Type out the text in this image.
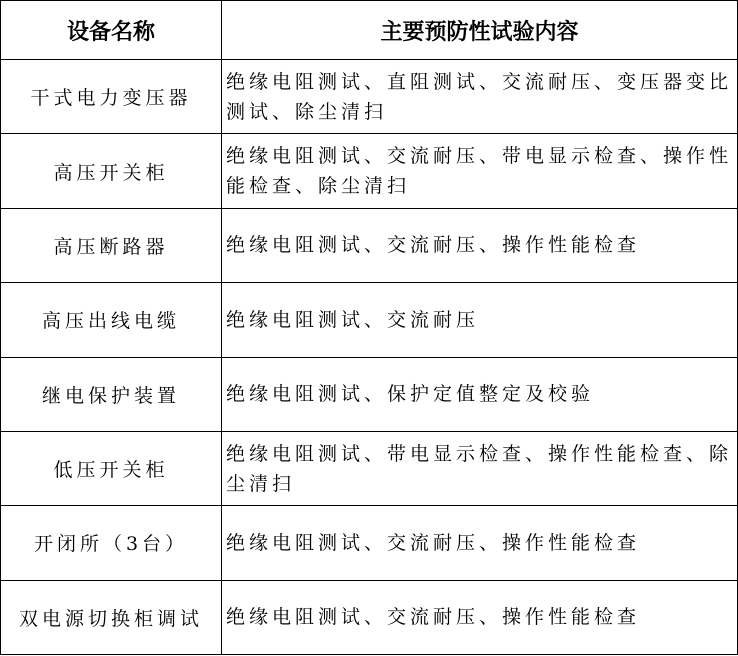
设备名称	主要预防性试验内容
干式电力变压器	绝缘电阻测试、直阻测试、交流耐压、变压器变比测试、除尘清扫
高压开关柜	绝缘电阻测试、交流耐压、带电显示检查、操作性能检查、除尘清扫
高压断路器	绝缘电阻测试、交流耐压、操作性能检查
高压出线电缆	绝缘电阻测试、交流耐压
继电保护装置	绝缘电阻测试、保护定值整定及校验
低压开关柜	绝缘电阻测试、带电显示检查、操作性能检查、除尘清扫
开闭所（3台）	绝缘电阻测试、交流耐压、操作性能检查
双电源切换柜调试	绝缘电阻测试、交流耐压、操作性能检查
